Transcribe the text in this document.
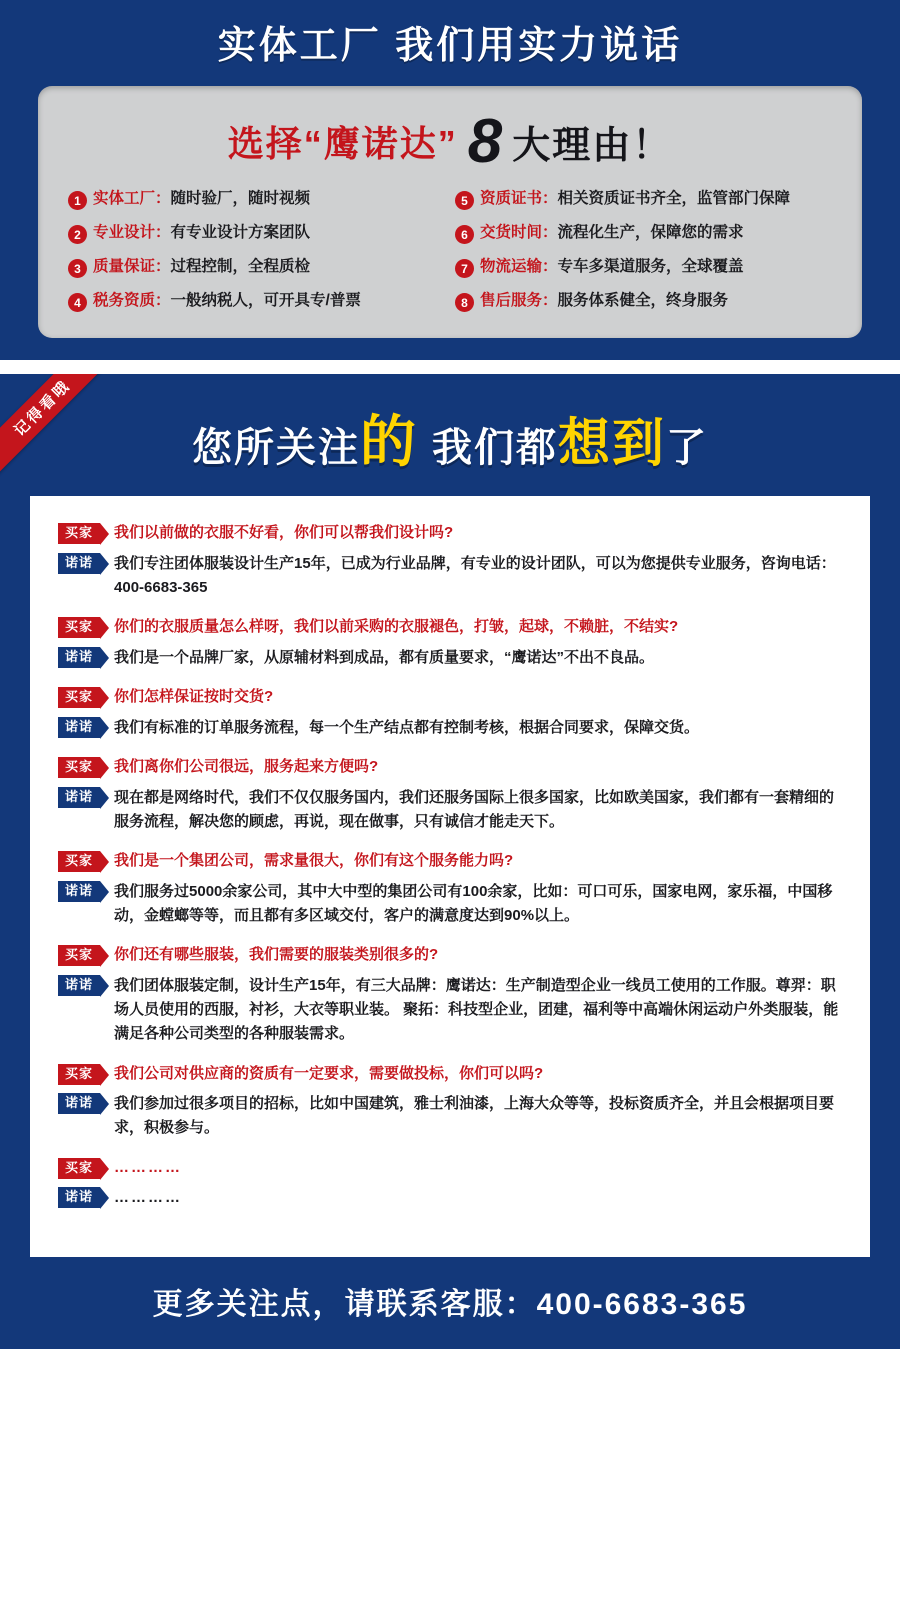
实体工厂 我们用实力说话
选择“鹰诺达” 8 大理由！
1 实体工厂：随时验厂，随时视频	5 资质证书：相关资质证书齐全，监管部门保障
2 专业设计：有专业设计方案团队	6 交货时间：流程化生产，保障您的需求
3 质量保证：过程控制，全程质检	7 物流运输：专车多渠道服务，全球覆盖
4 税务资质：一般纳税人，可开具专/普票	8 售后服务：服务体系健全，终身服务
记得看哦
您所关注的 我们都想到了
买家	我们以前做的衣服不好看，你们可以帮我们设计吗?
诺诺	我们专注团体服装设计生产15年，已成为行业品牌，有专业的设计团队，可以为您提供专业服务，咨询电话：400-6683-365
买家	你们的衣服质量怎么样呀，我们以前采购的衣服褪色，打皱，起球，不赖脏，不结实?
诺诺	我们是一个品牌厂家，从原辅材料到成品，都有质量要求，“鹰诺达”不出不良品。
买家	你们怎样保证按时交货?
诺诺	我们有标准的订单服务流程，每一个生产结点都有控制考核，根据合同要求，保障交货。
买家	我们离你们公司很远，服务起来方便吗?
诺诺	现在都是网络时代，我们不仅仅服务国内，我们还服务国际上很多国家，比如欧美国家，我们都有一套精细的服务流程，解决您的顾虑，再说，现在做事，只有诚信才能走天下。
买家	我们是一个集团公司，需求量很大，你们有这个服务能力吗?
诺诺	我们服务过5000余家公司，其中大中型的集团公司有100余家，比如：可口可乐，国家电网，家乐福，中国移动，金螳螂等等，而且都有多区域交付，客户的满意度达到90%以上。
买家	你们还有哪些服装，我们需要的服装类别很多的?
诺诺	我们团体服装定制，设计生产15年，有三大品牌：鹰诺达：生产制造型企业一线员工使用的工作服。尊羿：职场人员使用的西服，衬衫，大衣等职业装。 聚拓：科技型企业，团建，福利等中高端休闲运动户外类服装，能满足各种公司类型的各种服装需求。
买家	我们公司对供应商的资质有一定要求，需要做投标，你们可以吗?
诺诺	我们参加过很多项目的招标，比如中国建筑，雅士利油漆，上海大众等等，投标资质齐全，并且会根据项目要求，积极参与。
买家	…………
诺诺	…………
更多关注点，请联系客服：400-6683-365
